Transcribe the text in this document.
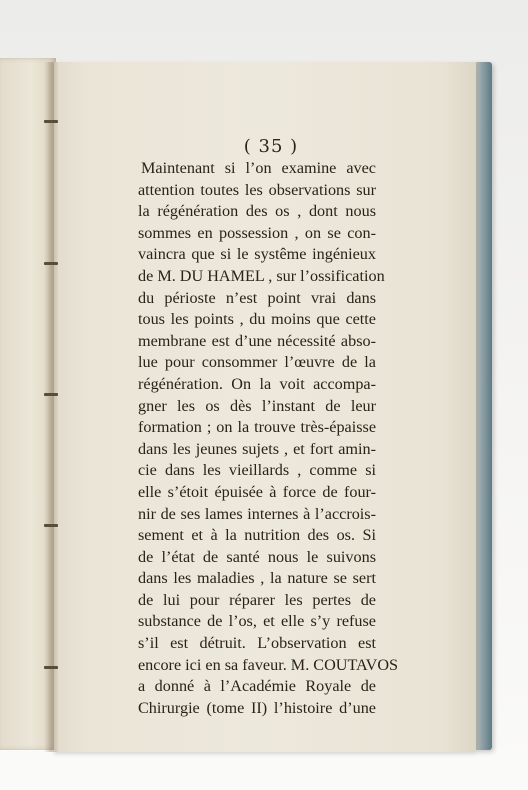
( 35 )
Maintenant si l’on examine avec
attention toutes les observations sur
la régénération des os , dont nous
sommes en possession , on se con-
vaincra que si le systême ingénieux
de M. DU HAMEL , sur l’ossification
du périoste n’est point vrai dans
tous les points , du moins que cette
membrane est d’une nécessité abso-
lue pour consommer l’œuvre de la
régénération. On la voit accompa-
gner les os dès l’instant de leur
formation ; on la trouve très-épaisse
dans les jeunes sujets , et fort amin-
cie dans les vieillards , comme si
elle s’étoit épuisée à force de four-
nir de ses lames internes à l’accrois-
sement et à la nutrition des os. Si
de l’état de santé nous le suivons
dans les maladies , la nature se sert
de lui pour réparer les pertes de
substance de l’os, et elle s’y refuse
s’il est détruit. L’observation est
encore ici en sa faveur. M. COUTAVOS
a donné à l’Académie Royale de
Chirurgie (tome II) l’histoire d’une
